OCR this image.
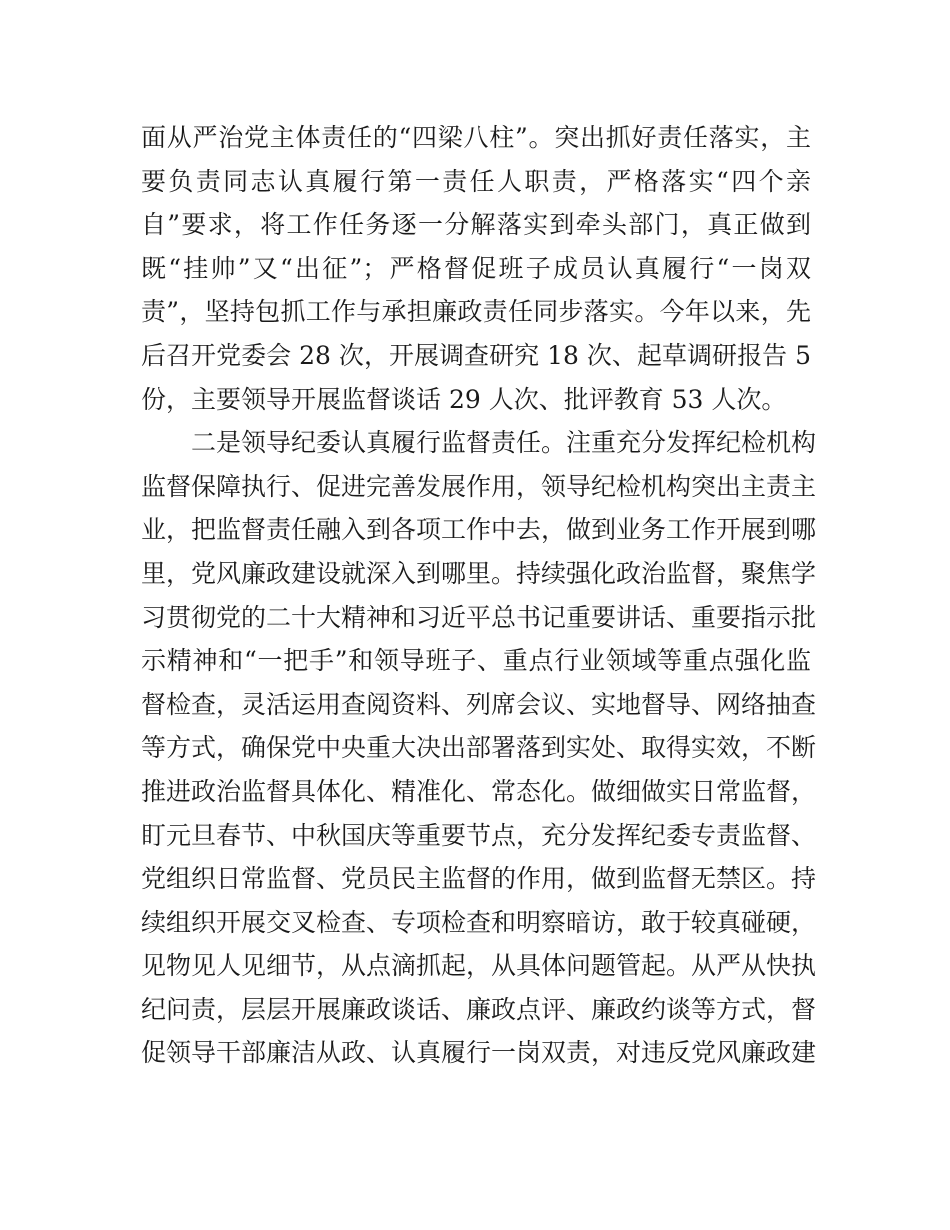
面从严治党主体责任的“四梁八柱”。突出抓好责任落实，主
要负责同志认真履行第一责任人职责，严格落实“四个亲
自”要求，将工作任务逐一分解落实到牵头部门，真正做到
既“挂帅”又“出征”；严格督促班子成员认真履行“一岗双
责”，坚持包抓工作与承担廉政责任同步落实。今年以来，先
后召开党委会 28 次，开展调查研究 18 次、起草调研报告 5
份，主要领导开展监督谈话 29 人次、批评教育 53 人次。
二是领导纪委认真履行监督责任。注重充分发挥纪检机构
监督保障执行、促进完善发展作用，领导纪检机构突出主责主
业，把监督责任融入到各项工作中去，做到业务工作开展到哪
里，党风廉政建设就深入到哪里。持续强化政治监督，聚焦学
习贯彻党的二十大精神和习近平总书记重要讲话、重要指示批
示精神和“一把手”和领导班子、重点行业领域等重点强化监
督检查，灵活运用查阅资料、列席会议、实地督导、网络抽查
等方式，确保党中央重大决出部署落到实处、取得实效，不断
推进政治监督具体化、精准化、常态化。做细做实日常监督，
盯元旦春节、中秋国庆等重要节点，充分发挥纪委专责监督、
党组织日常监督、党员民主监督的作用，做到监督无禁区。持
续组织开展交叉检查、专项检查和明察暗访，敢于较真碰硬，
见物见人见细节，从点滴抓起，从具体问题管起。从严从快执
纪问责，层层开展廉政谈话、廉政点评、廉政约谈等方式，督
促领导干部廉洁从政、认真履行一岗双责，对违反党风廉政建
